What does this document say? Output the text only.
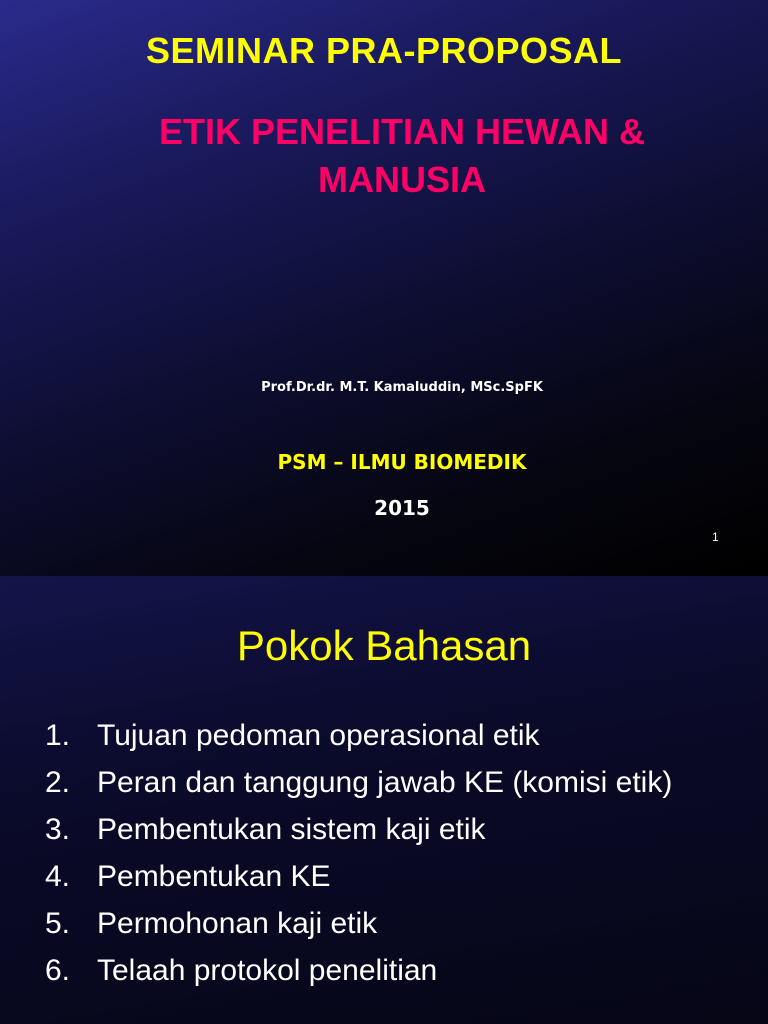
SEMINAR PRA-PROPOSAL
ETIK PENELITIAN HEWAN &
MANUSIA
Prof.Dr.dr. M.T. Kamaluddin, MSc.SpFK
PSM – ILMU BIOMEDIK
2015
1
Pokok Bahasan
1. Tujuan pedoman operasional etik
2. Peran dan tanggung jawab KE (komisi etik)
3. Pembentukan sistem kaji etik
4. Pembentukan KE
5. Permohonan kaji etik
6. Telaah protokol penelitian
